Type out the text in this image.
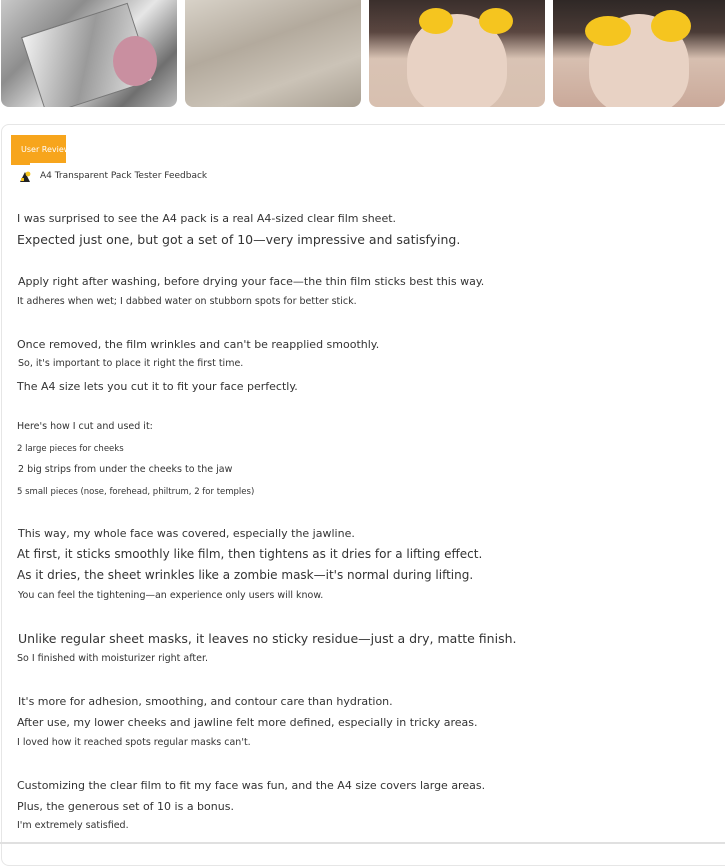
User Review
A4 Transparent Pack Tester Feedback
I was surprised to see the A4 pack is a real A4-sized clear film sheet.
Expected just one, but got a set of 10—very impressive and satisfying.
Apply right after washing, before drying your face—the thin film sticks best this way.
It adheres when wet; I dabbed water on stubborn spots for better stick.
Once removed, the film wrinkles and can't be reapplied smoothly.
So, it's important to place it right the first time.
The A4 size lets you cut it to fit your face perfectly.
Here's how I cut and used it:
2 large pieces for cheeks
2 big strips from under the cheeks to the jaw
5 small pieces (nose, forehead, philtrum, 2 for temples)
This way, my whole face was covered, especially the jawline.
At first, it sticks smoothly like film, then tightens as it dries for a lifting effect.
As it dries, the sheet wrinkles like a zombie mask—it's normal during lifting.
You can feel the tightening—an experience only users will know.
Unlike regular sheet masks, it leaves no sticky residue—just a dry, matte finish.
So I finished with moisturizer right after.
It's more for adhesion, smoothing, and contour care than hydration.
After use, my lower cheeks and jawline felt more defined, especially in tricky areas.
I loved how it reached spots regular masks can't.
Customizing the clear film to fit my face was fun, and the A4 size covers large areas.
Plus, the generous set of 10 is a bonus.
I'm extremely satisfied.
